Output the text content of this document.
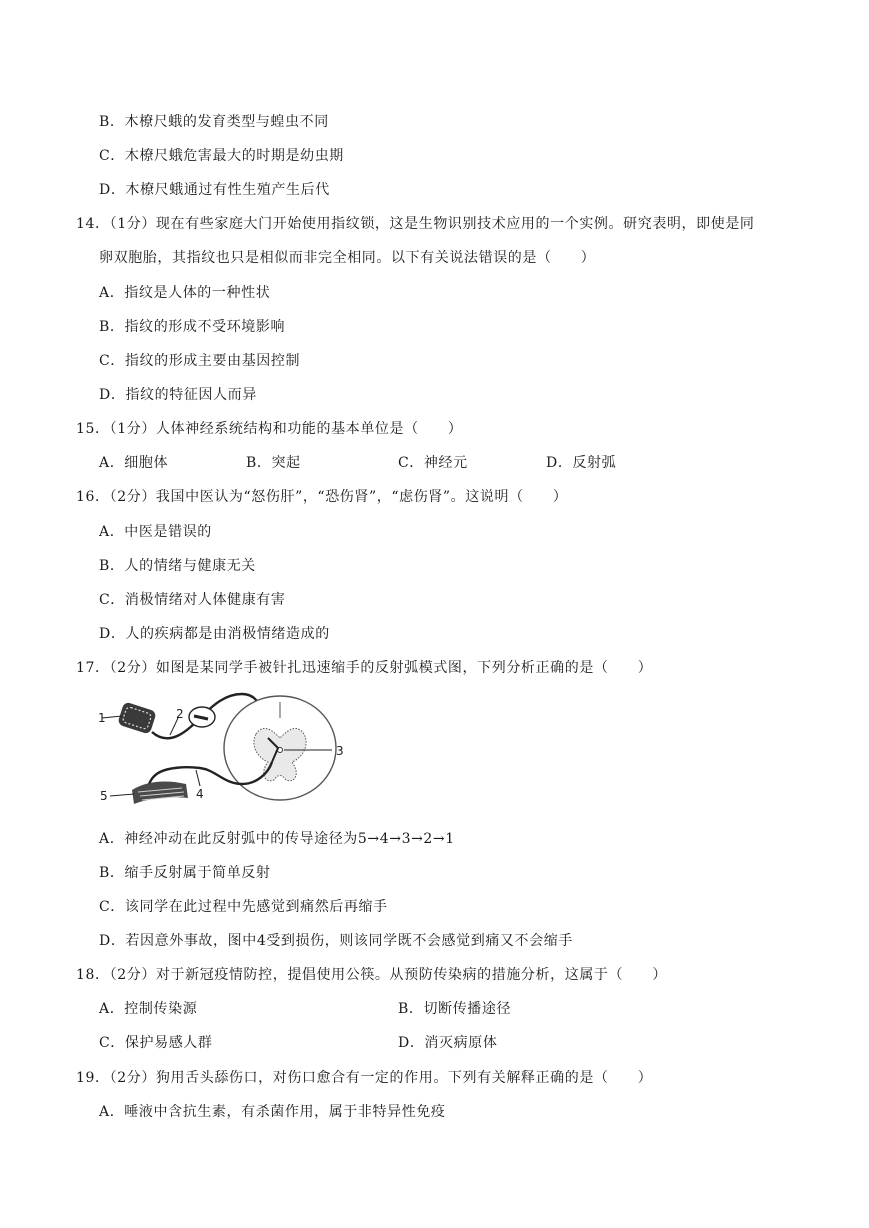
B．木橑尺蛾的发育类型与蝗虫不同
C．木橑尺蛾危害最大的时期是幼虫期
D．木橑尺蛾通过有性生殖产生后代
14．（1分）现在有些家庭大门开始使用指纹锁，这是生物识别技术应用的一个实例。研究表明，即使是同
卵双胞胎，其指纹也只是相似而非完全相同。以下有关说法错误的是（　　）
A．指纹是人体的一种性状
B．指纹的形成不受环境影响
C．指纹的形成主要由基因控制
D．指纹的特征因人而异
15．（1分）人体神经系统结构和功能的基本单位是（　　）
A．细胞体	B．突起	C．神经元	D．反射弧
16．（2分）我国中医认为“怒伤肝”，“恐伤肾”，“虑伤肾”。这说明（　　）
A．中医是错误的
B．人的情绪与健康无关
C．消极情绪对人体健康有害
D．人的疾病都是由消极情绪造成的
17．（2分）如图是某同学手被针扎迅速缩手的反射弧模式图，下列分析正确的是（　　）
1	2
3
4
5
A．神经冲动在此反射弧中的传导途径为5→4→3→2→1
B．缩手反射属于简单反射
C．该同学在此过程中先感觉到痛然后再缩手
D．若因意外事故，图中4受到损伤，则该同学既不会感觉到痛又不会缩手
18．（2分）对于新冠疫情防控，提倡使用公筷。从预防传染病的措施分析，这属于（　　）
A．控制传染源	B．切断传播途径
C．保护易感人群	D．消灭病原体
19．（2分）狗用舌头舔伤口，对伤口愈合有一定的作用。下列有关解释正确的是（　　）
A．唾液中含抗生素，有杀菌作用，属于非特异性免疫
